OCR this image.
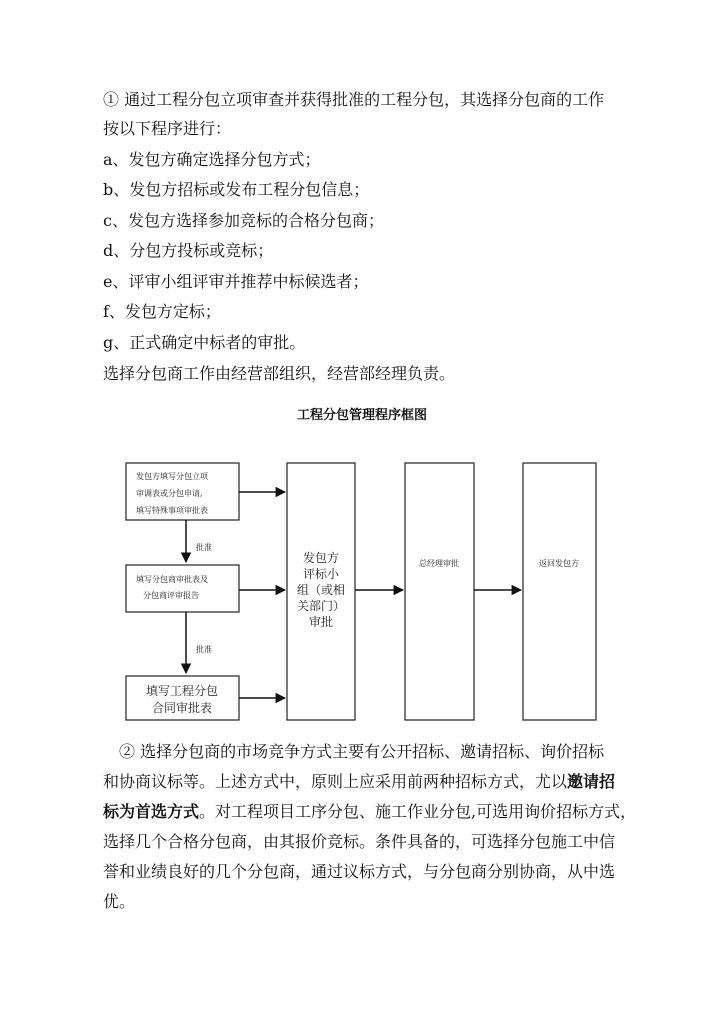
① 通过工程分包立项审查并获得批准的工程分包，其选择分包商的工作
按以下程序进行：
a、发包方确定选择分包方式；
b、发包方招标或发布工程分包信息；
c、发包方选择参加竞标的合格分包商；
d、分包方投标或竞标；
e、评审小组评审并推荐中标候选者；
f、发包方定标；
g、正式确定中标者的审批。
选择分包商工作由经营部组织，经营部经理负责。
工程分包管理程序框图
发包方填写分包立项
审调表或分包申请,
填写特殊事项审批表
批准
填写分包商审批表及
分包商评审报告
批准
填写工程分包
合同审批表
发包方
评标小
组（或相
关部门）
审批
总经理审批	返回发包方

　② 选择分包商的市场竞争方式主要有公开招标、邀请招标、询价招标

和协商议标等。上述方式中，原则上应采用前两种招标方式，尤以邀请招

标为首选方式。对工程项目工序分包、施工作业分包,可选用询价招标方式，

选择几个合格分包商，由其报价竞标。条件具备的，可选择分包施工中信

誉和业绩良好的几个分包商，通过议标方式，与分包商分别协商，从中选

优。
